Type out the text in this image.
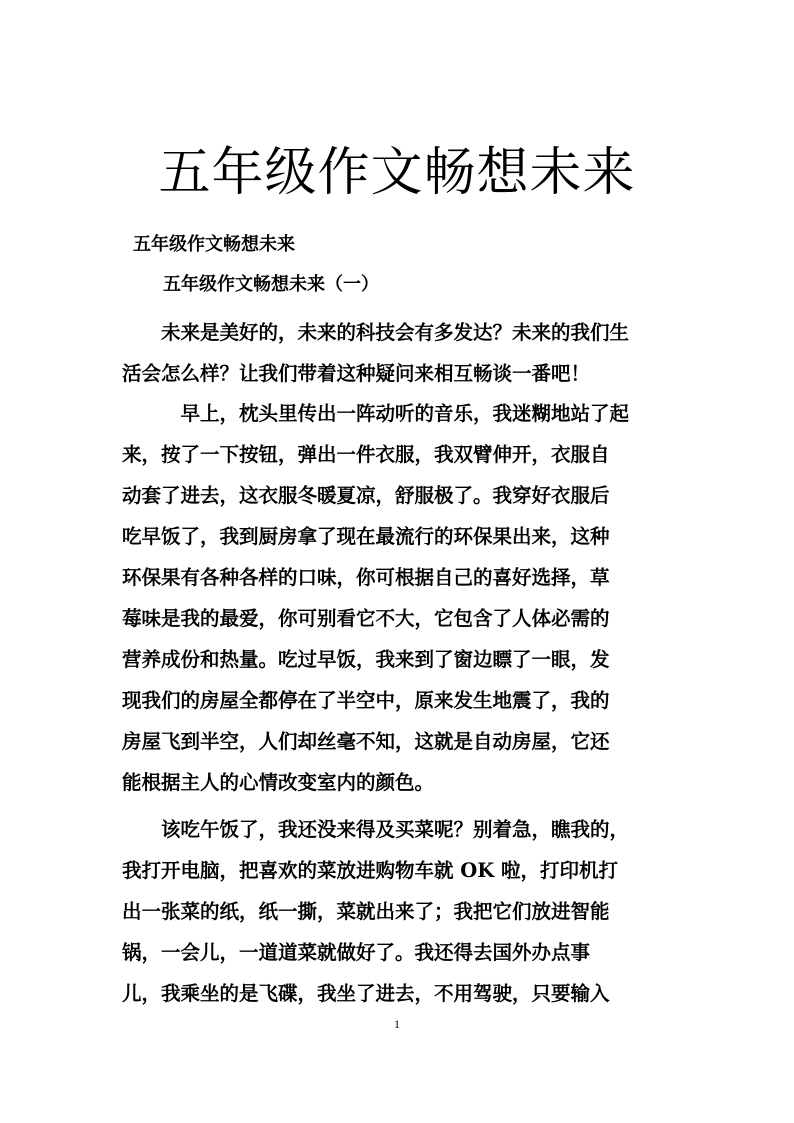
五年级作文畅想未来
五年级作文畅想未来
五年级作文畅想未来（一）
　　未来是美好的，未来的科技会有多发达？未来的我们生
活会怎么样？让我们带着这种疑问来相互畅谈一番吧！
　　　早上，枕头里传出一阵动听的音乐，我迷糊地站了起
来，按了一下按钮，弹出一件衣服，我双臂伸开，衣服自
动套了进去，这衣服冬暖夏凉，舒服极了。我穿好衣服后
吃早饭了，我到厨房拿了现在最流行的环保果出来，这种
环保果有各种各样的口味，你可根据自己的喜好选择，草
莓味是我的最爱，你可别看它不大，它包含了人体必需的
营养成份和热量。吃过早饭，我来到了窗边瞟了一眼，发
现我们的房屋全都停在了半空中，原来发生地震了，我的
房屋飞到半空，人们却丝毫不知，这就是自动房屋，它还
能根据主人的心情改变室内的颜色。
　　该吃午饭了，我还没来得及买菜呢？别着急，瞧我的，
我打开电脑，把喜欢的菜放进购物车就 OK 啦，打印机打
出一张菜的纸，纸一撕，菜就出来了；我把它们放进智能
锅，一会儿，一道道菜就做好了。我还得去国外办点事
儿，我乘坐的是飞碟，我坐了进去，不用驾驶，只要输入
1
